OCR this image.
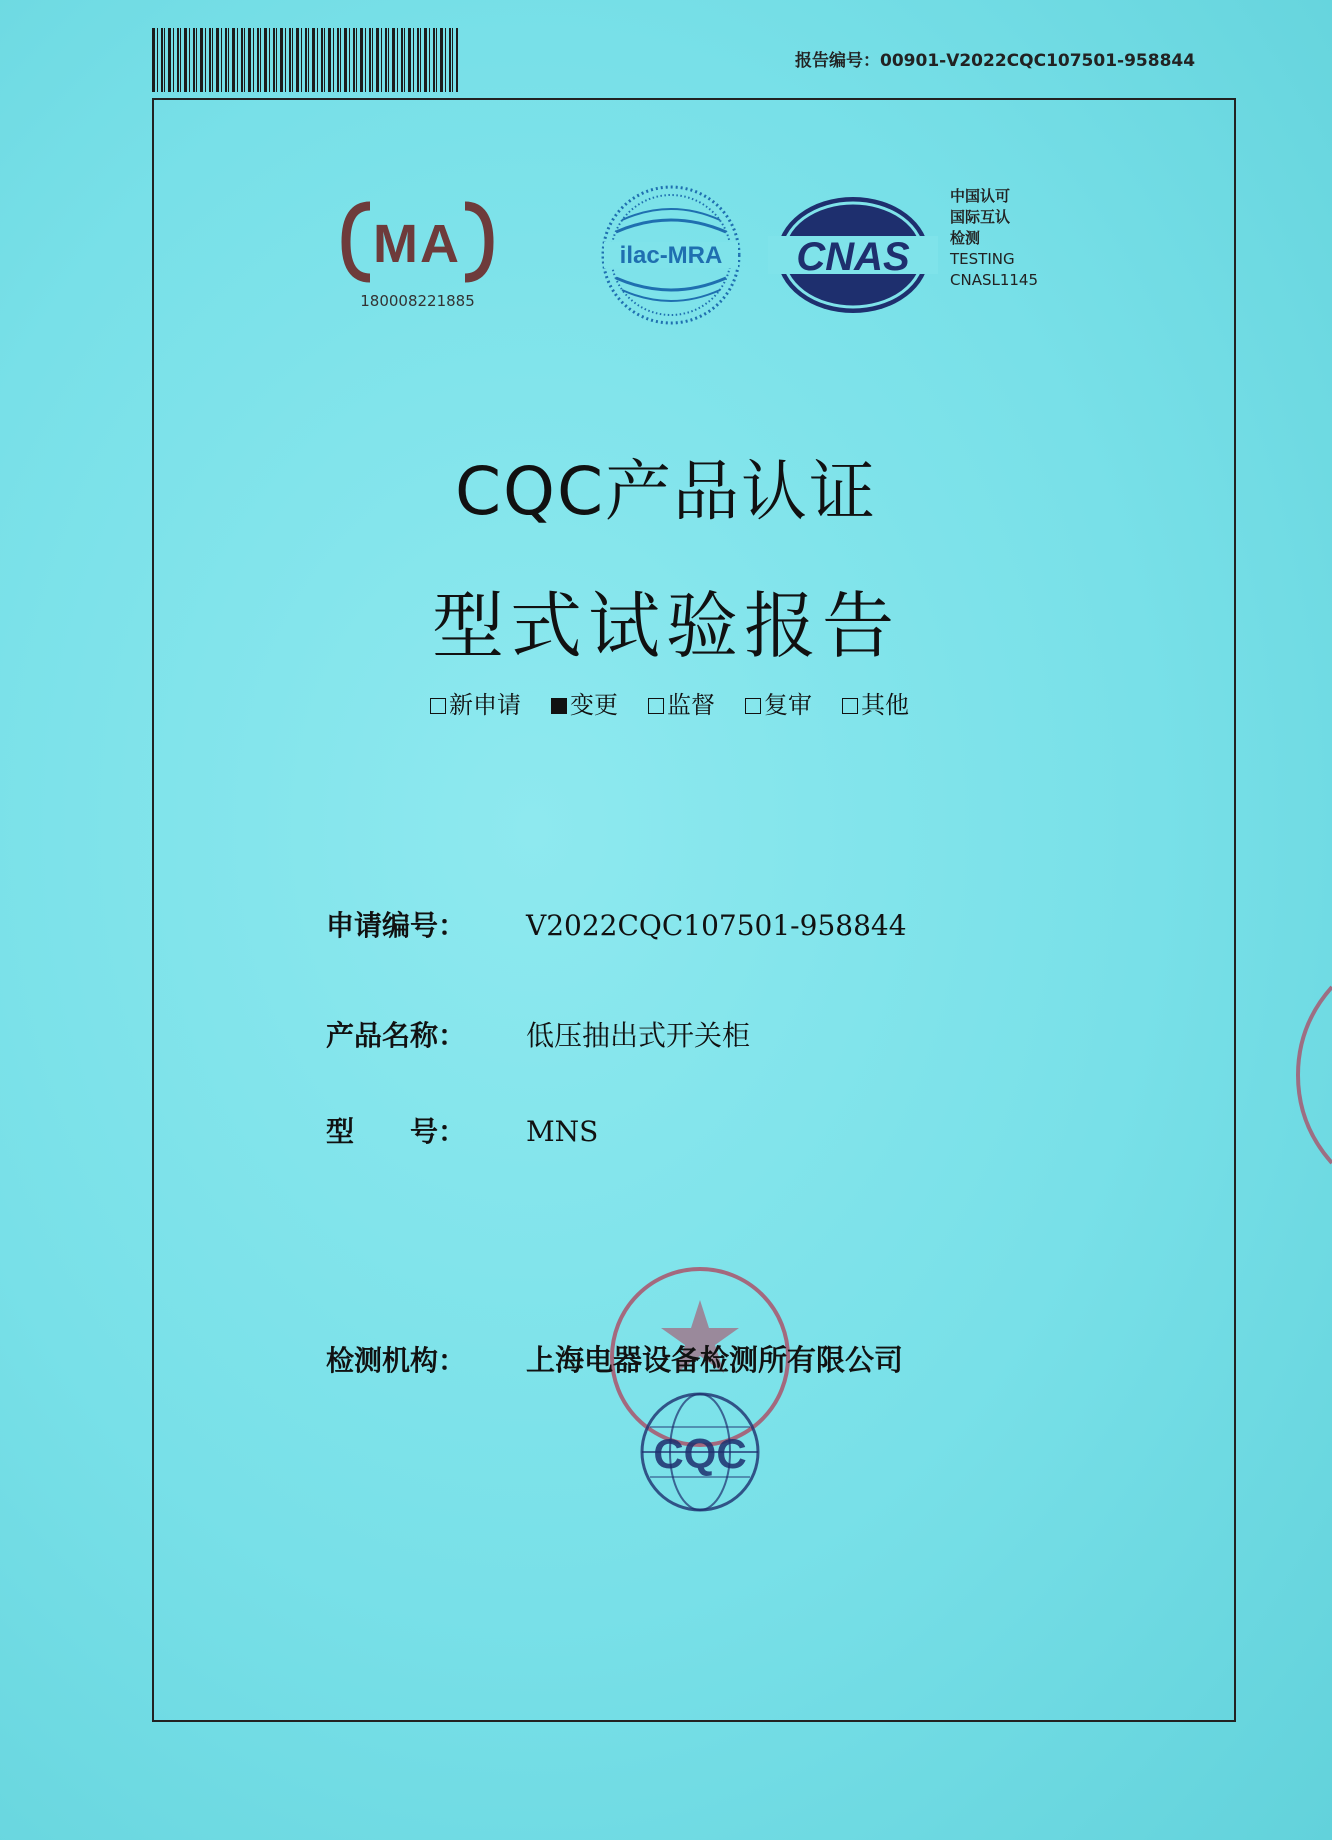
报告编号：00901-V2022CQC107501-958844
MA
180008221885
ilac-MRA CNAS
中国认可
国际互认
检测
TESTING
CNASL1145
CQC产品认证
型式试验报告
新申请	变更	监督	复审	其他
申请编号： V2022CQC107501-958844
产品名称： 低压抽出式开关柜
型　　号： MNS
CQC
检测机构： 上海电器设备检测所有限公司
